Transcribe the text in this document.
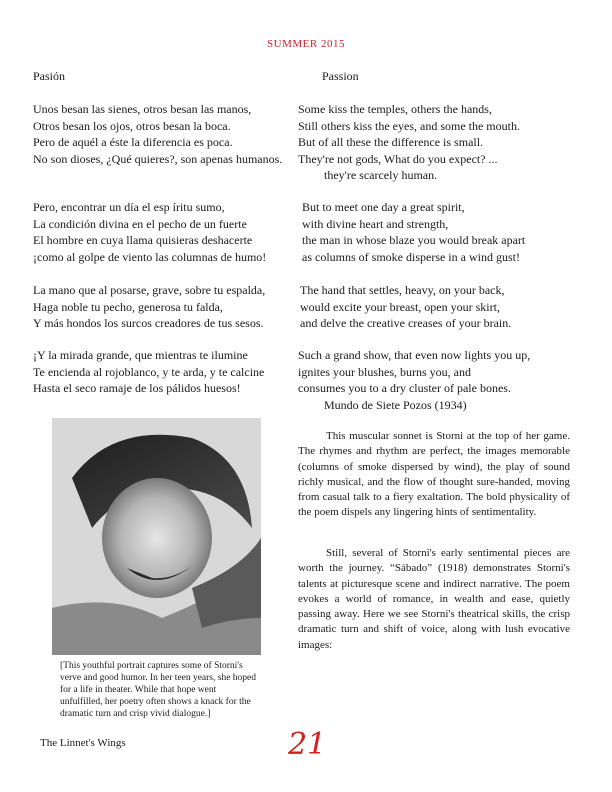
SUMMER 2015
Pasión
Unos besan las sienes, otros besan las manos,
Otros besan los ojos, otros besan la boca.
Pero de aquél a éste la diferencia es poca.
No son dioses, ¿Qué quieres?, son apenas humanos.
Pero, encontrar un día el esp íritu sumo,
La condición divina en el pecho de un fuerte
El hombre en cuya llama quisieras deshacerte
¡como al golpe de viento las columnas de humo!
La mano que al posarse, grave, sobre tu espalda,
Haga noble tu pecho, generosa tu falda,
Y más hondos los surcos creadores de tus sesos.
¡Y la mirada grande, que mientras te ilumine
Te encienda al rojoblanco, y te arda, y te calcine
Hasta el seco ramaje de los pálidos huesos!
Passion
Some kiss the temples, others the hands,
Still others kiss the eyes, and some the mouth.
But of all these the difference is small.
They're not gods, What do you expect? ...
they're scarcely human.
But to meet one day a great spirit,
with divine heart and strength,
the man in whose blaze you would break apart
as columns of smoke disperse in a wind gust!
The hand that settles, heavy, on your back,
would excite your breast, open your skirt,
and delve the creative creases of your brain.
Such a grand show, that even now lights you up,
ignites your blushes, burns you, and
consumes you to a dry cluster of pale bones.
Mundo de Siete Pozos (1934)
[This youthful portrait captures some of Storni's verve and good humor. In her teen years, she hoped for a life in theater. While that hope went unfulfilled, her poetry often shows a knack for the dramatic turn and crisp vivid dialogue.]

This muscular sonnet is Storni at the top of her game. The rhymes and rhythm are perfect, the images memorable (columns of smoke dispersed by wind), the play of sound richly musical, and the flow of thought sure-handed, moving from casual talk to a fiery exaltation. The bold physicality of the poem dispels any lingering hints of sentimentality.

Still, several of Storni's early sentimental pieces are worth the journey. “Sábado” (1918) demonstrates Storni's talents at picturesque scene and indirect narrative. The poem evokes a world of romance, in wealth and ease, quietly passing away. Here we see Storni's theatrical skills, the crisp dramatic turn and shift of voice, along with lush evocative images:

The Linnet's Wings	21
